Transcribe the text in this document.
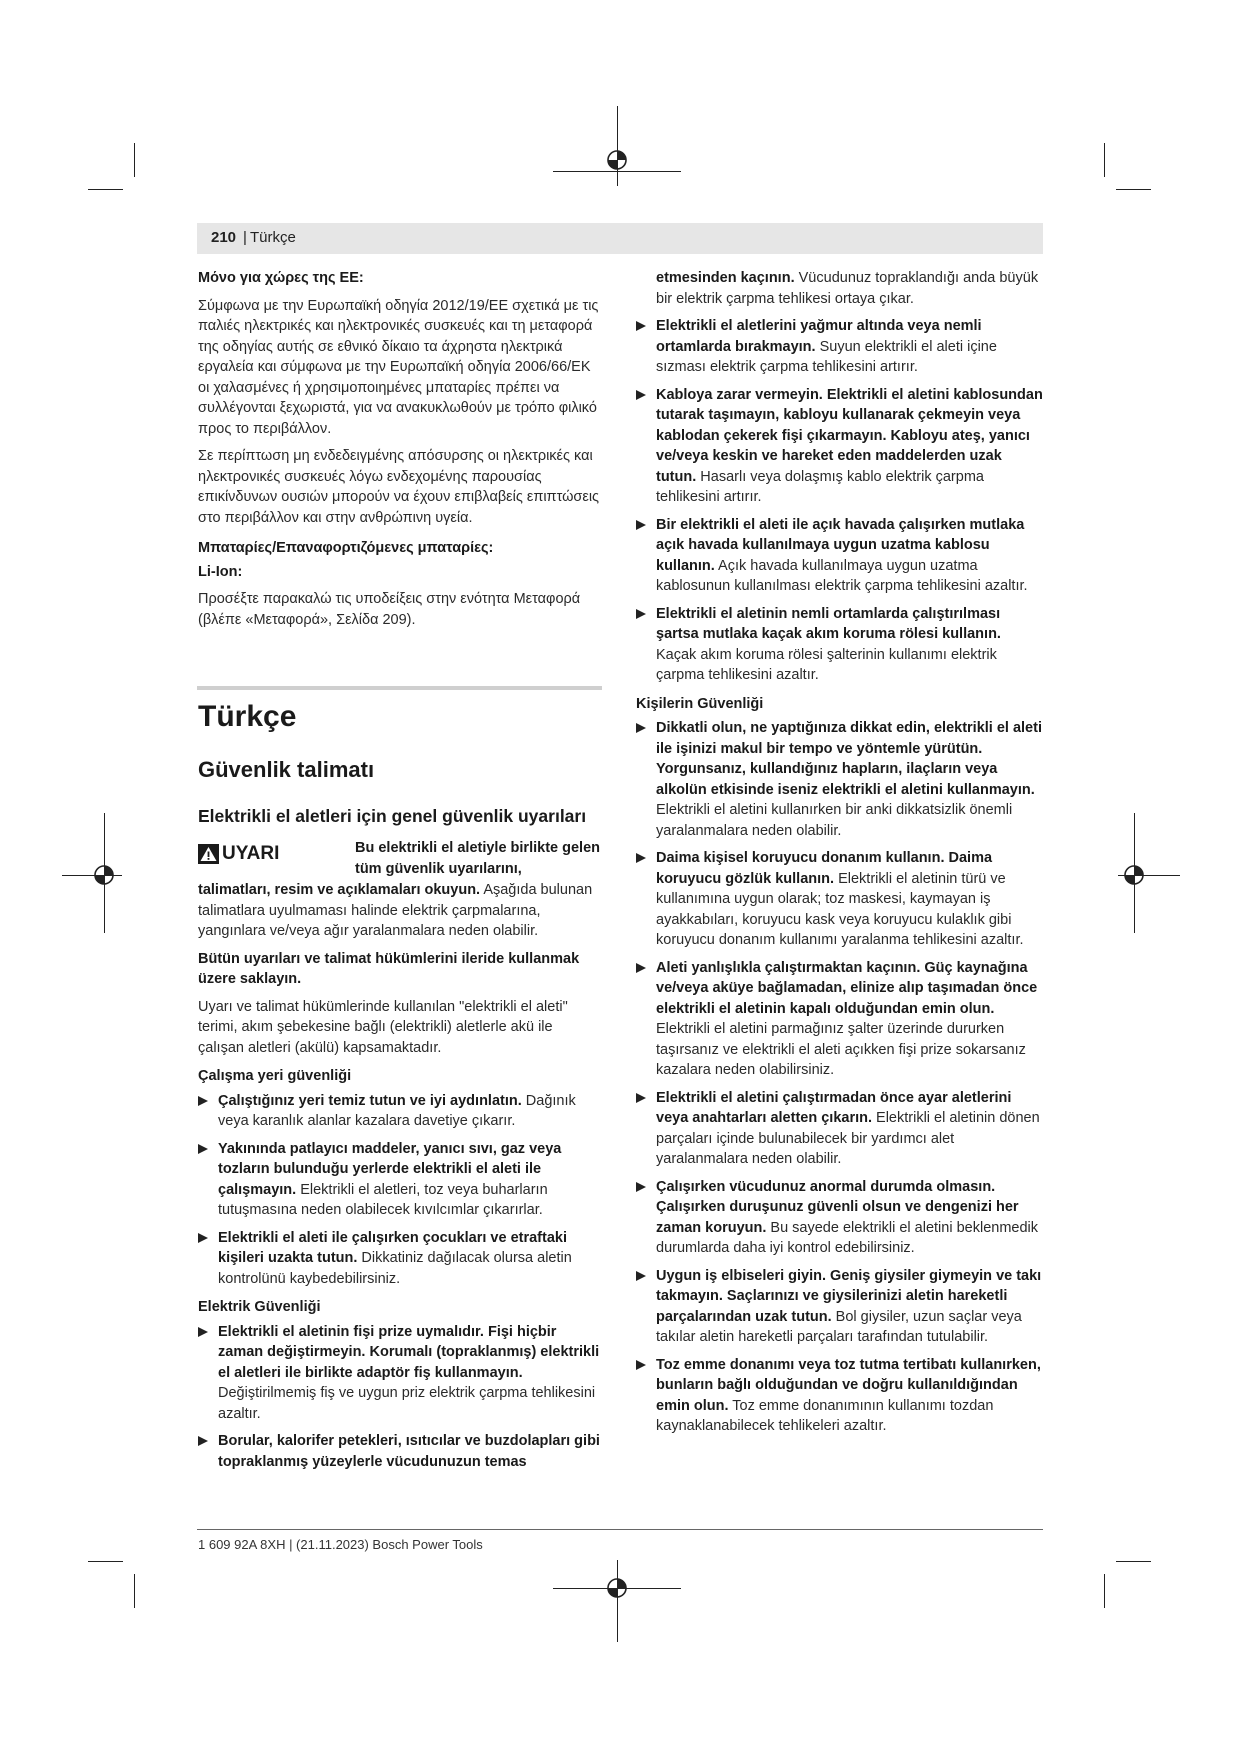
210 | Türkçe

Μόνο για χώρες της ΕΕ:

Σύμφωνα με την Ευρωπαϊκή οδηγία 2012/19/ΕΕ σχετικά με τις παλιές ηλεκτρικές και ηλεκτρονικές συσκευές και τη μεταφορά της οδηγίας αυτής σε εθνικό δίκαιο τα άχρηστα ηλεκτρικά εργαλεία και σύμφωνα με την Ευρωπαϊκή οδηγία 2006/66/ΕΚ οι χαλασμένες ή χρησιμοποιημένες μπαταρίες πρέπει να συλλέγονται ξεχωριστά, για να ανακυκλωθούν με τρόπο φιλικό προς το περιβάλλον.

Σε περίπτωση μη ενδεδειγμένης απόσυρσης οι ηλεκτρικές και ηλεκτρονικές συσκευές λόγω ενδεχομένης παρουσίας επικίνδυνων ουσιών μπορούν να έχουν επιβλαβείς επιπτώσεις στο περιβάλλον και στην ανθρώπινη υγεία.

Μπαταρίες/Επαναφορτιζόμενες μπαταρίες:

Li-Ion:

Προσέξτε παρακαλώ τις υποδείξεις στην ενότητα Μεταφορά (βλέπε «Μεταφορά», Σελίδα 209).

Türkçe
Güvenlik talimatı
Elektrikli el aletleri için genel güvenlik uyarıları
UYARI	Bu elektrikli el aletiyle birlikte gelen tüm güvenlik uyarılarını,

talimatları, resim ve açıklamaları okuyun. Aşağıda bulunan talimatlara uyulmaması halinde elektrik çarpmalarına, yangınlara ve/veya ağır yaralanmalara neden olabilir.

Bütün uyarıları ve talimat hükümlerini ileride kullanmak üzere saklayın.

Uyarı ve talimat hükümlerinde kullanılan "elektrikli el aleti" terimi, akım şebekesine bağlı (elektrikli) aletlerle akü ile çalışan aletleri (akülü) kapsamaktadır.

Çalışma yeri güvenliği

Çalıştığınız yeri temiz tutun ve iyi aydınlatın. Dağınık veya karanlık alanlar kazalara davetiye çıkarır.
Yakınında patlayıcı maddeler, yanıcı sıvı, gaz veya tozların bulunduğu yerlerde elektrikli el aleti ile çalışmayın. Elektrikli el aletleri, toz veya buharların tutuşmasına neden olabilecek kıvılcımlar çıkarırlar.
Elektrikli el aleti ile çalışırken çocukları ve etraftaki kişileri uzakta tutun. Dikkatiniz dağılacak olursa aletin kontrolünü kaybedebilirsiniz.

Elektrik Güvenliği

Elektrikli el aletinin fişi prize uymalıdır. Fişi hiçbir zaman değiştirmeyin. Korumalı (topraklanmış) elektrikli el aletleri ile birlikte adaptör fiş kullanmayın. Değiştirilmemiş fiş ve uygun priz elektrik çarpma tehlikesini azaltır.
Borular, kalorifer petekleri, ısıtıcılar ve buzdolapları gibi topraklanmış yüzeylerle vücudunuzun temas

etmesinden kaçının. Vücudunuz topraklandığı anda büyük bir elektrik çarpma tehlikesi ortaya çıkar.

Elektrikli el aletlerini yağmur altında veya nemli ortamlarda bırakmayın. Suyun elektrikli el aleti içine sızması elektrik çarpma tehlikesini artırır.
Kabloya zarar vermeyin. Elektrikli el aletini kablosundan tutarak taşımayın, kabloyu kullanarak çekmeyin veya kablodan çekerek fişi çıkarmayın. Kabloyu ateş, yanıcı ve/veya keskin ve hareket eden maddelerden uzak tutun. Hasarlı veya dolaşmış kablo elektrik çarpma tehlikesini artırır.
Bir elektrikli el aleti ile açık havada çalışırken mutlaka açık havada kullanılmaya uygun uzatma kablosu kullanın. Açık havada kullanılmaya uygun uzatma kablosunun kullanılması elektrik çarpma tehlikesini azaltır.
Elektrikli el aletinin nemli ortamlarda çalıştırılması şartsa mutlaka kaçak akım koruma rölesi kullanın. Kaçak akım koruma rölesi şalterinin kullanımı elektrik çarpma tehlikesini azaltır.

Kişilerin Güvenliği

Dikkatli olun, ne yaptığınıza dikkat edin, elektrikli el aleti ile işinizi makul bir tempo ve yöntemle yürütün. Yorgunsanız, kullandığınız hapların, ilaçların veya alkolün etkisinde iseniz elektrikli el aletini kullanmayın. Elektrikli el aletini kullanırken bir anki dikkatsizlik önemli yaralanmalara neden olabilir.
Daima kişisel koruyucu donanım kullanın. Daima koruyucu gözlük kullanın. Elektrikli el aletinin türü ve kullanımına uygun olarak; toz maskesi, kaymayan iş ayakkabıları, koruyucu kask veya koruyucu kulaklık gibi koruyucu donanım kullanımı yaralanma tehlikesini azaltır.
Aleti yanlışlıkla çalıştırmaktan kaçının. Güç kaynağına ve/veya aküye bağlamadan, elinize alıp taşımadan önce elektrikli el aletinin kapalı olduğundan emin olun. Elektrikli el aletini parmağınız şalter üzerinde dururken taşırsanız ve elektrikli el aleti açıkken fişi prize sokarsanız kazalara neden olabilirsiniz.
Elektrikli el aletini çalıştırmadan önce ayar aletlerini veya anahtarları aletten çıkarın. Elektrikli el aletinin dönen parçaları içinde bulunabilecek bir yardımcı alet yaralanmalara neden olabilir.
Çalışırken vücudunuz anormal durumda olmasın. Çalışırken duruşunuz güvenli olsun ve dengenizi her zaman koruyun. Bu sayede elektrikli el aletini beklenmedik durumlarda daha iyi kontrol edebilirsiniz.
Uygun iş elbiseleri giyin. Geniş giysiler giymeyin ve takı takmayın. Saçlarınızı ve giysilerinizi aletin hareketli parçalarından uzak tutun. Bol giysiler, uzun saçlar veya takılar aletin hareketli parçaları tarafından tutulabilir.
Toz emme donanımı veya toz tutma tertibatı kullanırken, bunların bağlı olduğundan ve doğru kullanıldığından emin olun. Toz emme donanımının kullanımı tozdan kaynaklanabilecek tehlikeleri azaltır.
1 609 92A 8XH | (21.11.2023) Bosch Power Tools
